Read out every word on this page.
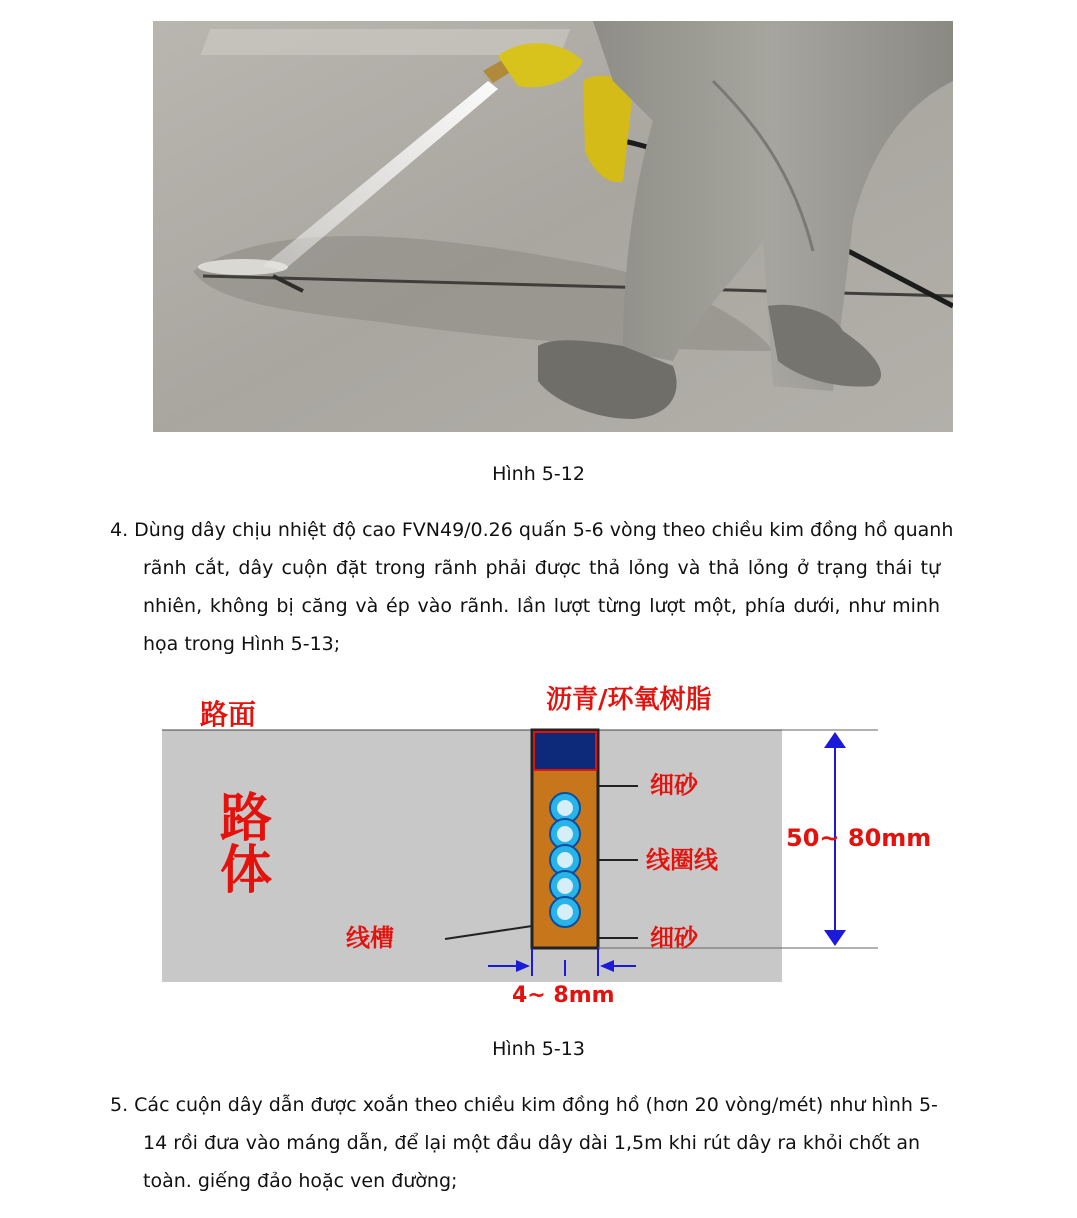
Hình 5-12
4. Dùng dây chịu nhiệt độ cao FVN49/0.26 quấn 5-6 vòng theo chiều kim đồng hồ quanh
rãnh cắt, dây cuộn đặt trong rãnh phải được thả lỏng và thả lỏng ở trạng thái tự
nhiên, không bị căng và ép vào rãnh. lần lượt từng lượt một, phía dưới, như minh
họa trong Hình 5-13;
路面
路
体
沥青/环氧树脂
细砂
线圈线
细砂
线槽
50~ 80mm
4~ 8mm
Hình 5-13
5. Các cuộn dây dẫn được xoắn theo chiều kim đồng hồ (hơn 20 vòng/mét) như hình 5-
14 rồi đưa vào máng dẫn, để lại một đầu dây dài 1,5m khi rút dây ra khỏi chốt an
toàn. giếng đảo hoặc ven đường;
